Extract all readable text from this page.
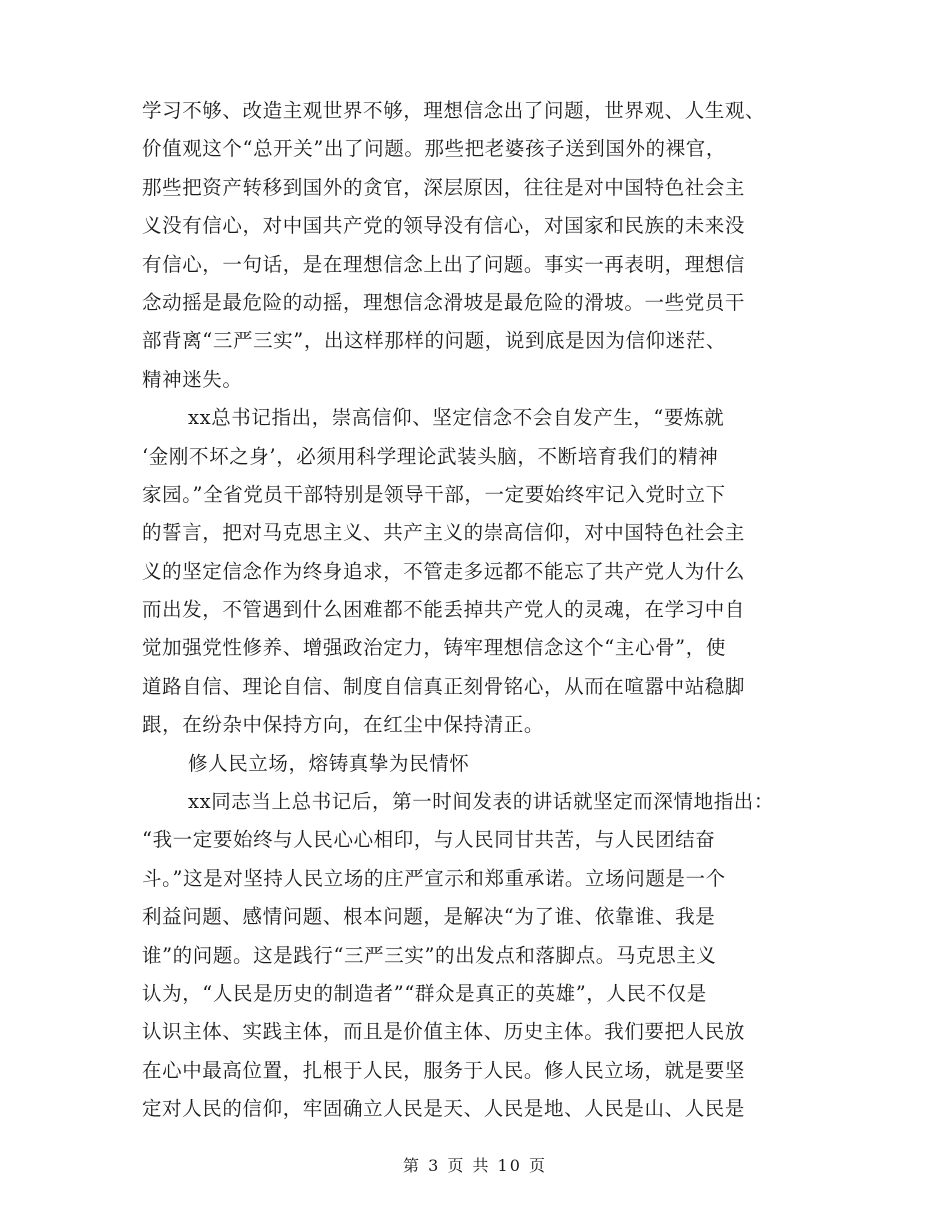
学习不够、改造主观世界不够，理想信念出了问题，世界观、人生观、
价值观这个“总开关”出了问题。那些把老婆孩子送到国外的裸官，
那些把资产转移到国外的贪官，深层原因，往往是对中国特色社会主
义没有信心，对中国共产党的领导没有信心，对国家和民族的未来没
有信心，一句话，是在理想信念上出了问题。事实一再表明，理想信
念动摇是最危险的动摇，理想信念滑坡是最危险的滑坡。一些党员干
部背离“三严三实”，出这样那样的问题，说到底是因为信仰迷茫、
精神迷失。
xx总书记指出，崇高信仰、坚定信念不会自发产生，“要炼就
‘金刚不坏之身’，必须用科学理论武装头脑，不断培育我们的精神
家园。”全省党员干部特别是领导干部，一定要始终牢记入党时立下
的誓言，把对马克思主义、共产主义的崇高信仰，对中国特色社会主
义的坚定信念作为终身追求，不管走多远都不能忘了共产党人为什么
而出发，不管遇到什么困难都不能丢掉共产党人的灵魂，在学习中自
觉加强党性修养、增强政治定力，铸牢理想信念这个“主心骨”，使
道路自信、理论自信、制度自信真正刻骨铭心，从而在喧嚣中站稳脚
跟，在纷杂中保持方向，在红尘中保持清正。
修人民立场，熔铸真挚为民情怀
xx同志当上总书记后，第一时间发表的讲话就坚定而深情地指出：
“我一定要始终与人民心心相印，与人民同甘共苦，与人民团结奋
斗。”这是对坚持人民立场的庄严宣示和郑重承诺。立场问题是一个
利益问题、感情问题、根本问题，是解决“为了谁、依靠谁、我是
谁”的问题。这是践行“三严三实”的出发点和落脚点。马克思主义
认为，“人民是历史的制造者”“群众是真正的英雄”，人民不仅是
认识主体、实践主体，而且是价值主体、历史主体。我们要把人民放
在心中最高位置，扎根于人民，服务于人民。修人民立场，就是要坚
定对人民的信仰，牢固确立人民是天、人民是地、人民是山、人民是
第 3 页 共 10 页
